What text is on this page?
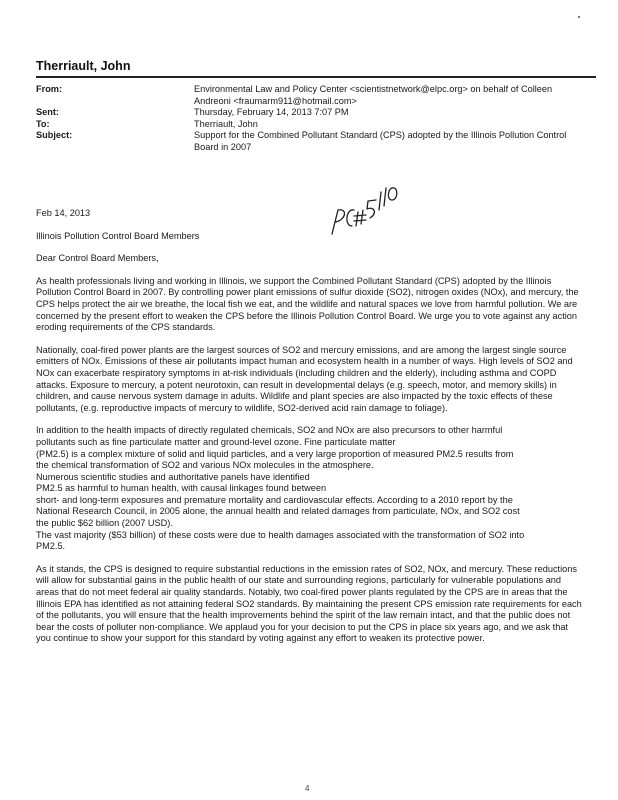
Therriault, John
From:	Environmental Law and Policy Center <scientistnetwork@elpc.org> on behalf of Colleen Andreoni <fraumarm911@hotmail.com>
Sent:	Thursday, February 14, 2013 7:07 PM
To:	Therriault, John
Subject:	Support for the Combined Pollutant Standard (CPS) adopted by the Illinois Pollution Control Board in 2007

Feb 14, 2013

Illinois Pollution Control Board Members

Dear Control Board Members,

As health professionals living and working in Illinois, we support the Combined Pollutant Standard (CPS) adopted by the Illinois Pollution Control Board in 2007. By controlling power plant emissions of sulfur dioxide (SO2), nitrogen oxides (NOx), and mercury, the CPS helps protect the air we breathe, the local fish we eat, and the wildlife and natural spaces we love from harmful pollution. We are concerned by the present effort to weaken the CPS before the Illinois Pollution Control Board. We urge you to vote against any action eroding requirements of the CPS standards.

Nationally, coal-fired power plants are the largest sources of SO2 and mercury emissions, and are among the largest single source emitters of NOx. Emissions of these air pollutants impact human and ecosystem health in a number of ways. High levels of SO2 and NOx can exacerbate respiratory symptoms in at-risk individuals (including children and the elderly), including asthma and COPD attacks. Exposure to mercury, a potent neurotoxin, can result in developmental delays (e.g. speech, motor, and memory skills) in children, and cause nervous system damage in adults. Wildlife and plant species are also impacted by the toxic effects of these pollutants, (e.g. reproductive impacts of mercury to wildlife, SO2-derived acid rain damage to foliage).

In addition to the health impacts of directly regulated chemicals, SO2 and NOx are also precursors to other harmful
pollutants such as fine particulate matter and ground-level ozone. Fine particulate matter
(PM2.5) is a complex mixture of solid and liquid particles, and a very large proportion of measured PM2.5 results from
the chemical transformation of SO2 and various NOx molecules in the atmosphere.
Numerous scientific studies and authoritative panels have identified
PM2.5 as harmful to human health, with causal linkages found between
short- and long-term exposures and premature mortality and cardiovascular effects. According to a 2010 report by the
National Research Council, in 2005 alone, the annual health and related damages from particulate, NOx, and SO2 cost
the public $62 billion (2007 USD).
The vast majority ($53 billion) of these costs were due to health damages associated with the transformation of SO2 into
PM2.5.

As it stands, the CPS is designed to require substantial reductions in the emission rates of SO2, NOx, and mercury. These reductions will allow for substantial gains in the public health of our state and surrounding regions, particularly for vulnerable populations and areas that do not meet federal air quality standards. Notably, two coal-fired power plants regulated by the CPS are in areas that the Illinois EPA has identified as not attaining federal SO2 standards. By maintaining the present CPS emission rate requirements for each of the pollutants, you will ensure that the health improvements behind the spirit of the law remain intact, and that the public does not bear the costs of polluter non-compliance. We applaud you for your decision to put the CPS in place six years ago, and we ask that you continue to show your support for this standard by voting against any effort to weaken its protective power.

4
